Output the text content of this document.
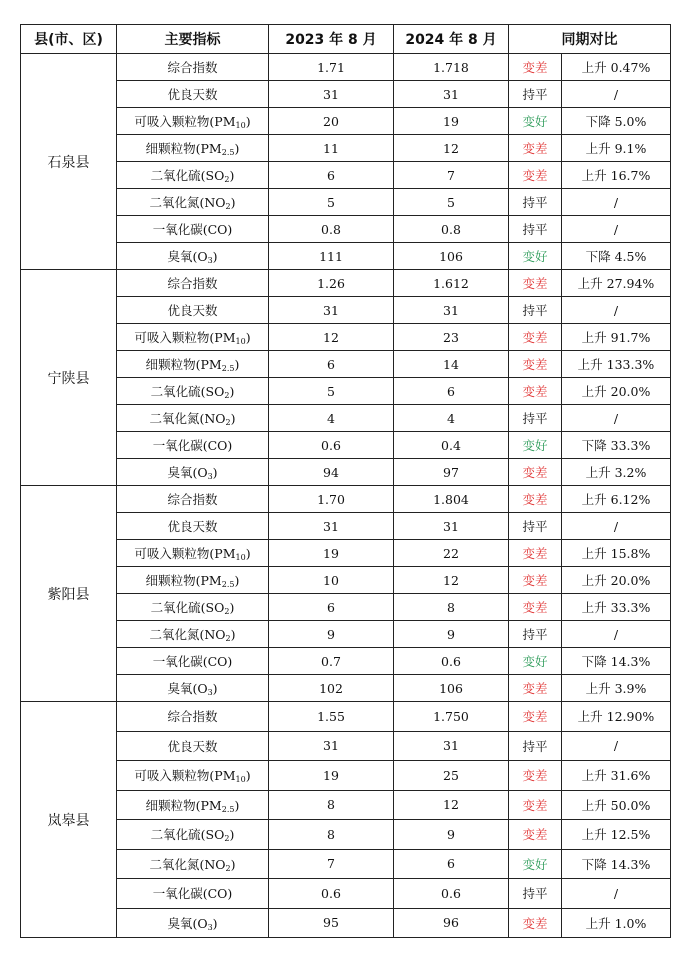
县(市、区)	主要指标	2023 年 8 月	2024 年 8 月	同期对比	
石泉县	综合指数	1.71	1.718	变差	上升 0.47%
	优良天数	31	31	持平	/
	可吸入颗粒物$(PM_{10})$	20	19	变好	下降 5.0%
	细颗粒物$(PM_{2.5})$	11	12	变差	上升 9.1%
	二氧化硫$(SO_2)$	6	7	变差	上升 16.7%
	二氧化氮$(NO_2)$	5	5	持平	/
	一氧化碳(CO)	0.8	0.8	持平	/
	臭氧$(O_3)$	111	106	变好	下降 4.5%
宁陕县	综合指数	1.26	1.612	变差	上升 27.94%
	优良天数	31	31	持平	/
	可吸入颗粒物$(PM_{10})$	12	23	变差	上升 91.7%
	细颗粒物$(PM_{2.5})$	6	14	变差	上升 133.3%
	二氧化硫$(SO_2)$	5	6	变差	上升 20.0%
	二氧化氮$(NO_2)$	4	4	持平	/
	一氧化碳(CO)	0.6	0.4	变好	下降 33.3%
	臭氧$(O_3)$	94	97	变差	上升 3.2%
紫阳县	综合指数	1.70	1.804	变差	上升 6.12%
	优良天数	31	31	持平	/
	可吸入颗粒物$(PM_{10})$	19	22	变差	上升 15.8%
	细颗粒物$(PM_{2.5})$	10	12	变差	上升 20.0%
	二氧化硫$(SO_2)$	6	8	变差	上升 33.3%
	二氧化氮$(NO_2)$	9	9	持平	/
	一氧化碳(CO)	0.7	0.6	变好	下降 14.3%
	臭氧$(O_3)$	102	106	变差	上升 3.9%
岚皋县	综合指数	1.55	1.750	变差	上升 12.90%
	优良天数	31	31	持平	/
	可吸入颗粒物$(PM_{10})$	19	25	变差	上升 31.6%
	细颗粒物$(PM_{2.5})$	8	12	变差	上升 50.0%
	二氧化硫$(SO_2)$	8	9	变差	上升 12.5%
	二氧化氮$(NO_2)$	7	6	变好	下降 14.3%
	一氧化碳(CO)	0.6	0.6	持平	/
	臭氧$(O_3)$	95	96	变差	上升 1.0%
